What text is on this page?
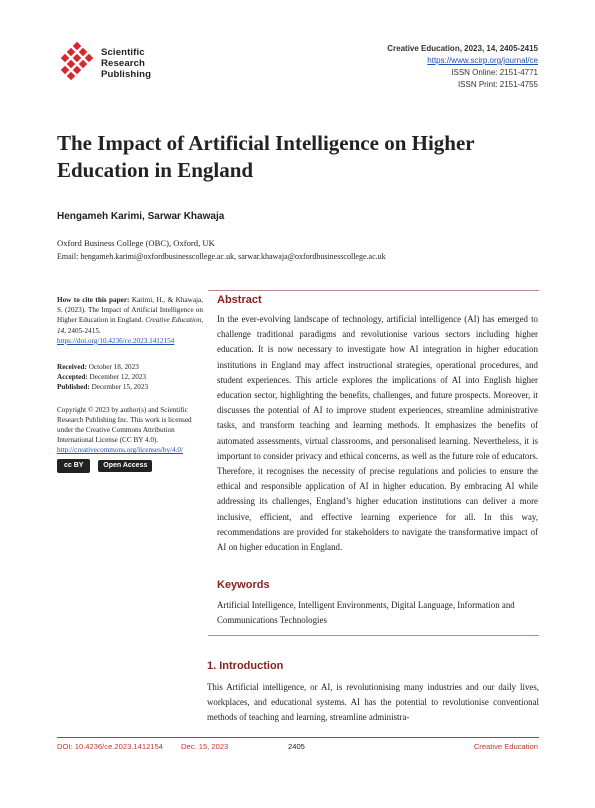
Scientific
Research
Publishing
Creative Education, 2023, 14, 2405-2415
https://www.scirp.org/journal/ce
ISSN Online: 2151-4771
ISSN Print: 2151-4755
The Impact of Artificial Intelligence on Higher
Education in England
Hengameh Karimi, Sarwar Khawaja
Oxford Business College (OBC), Oxford, UK
Email: hengameh.karimi@oxfordbusinesscollege.ac.uk, sarwar.khawaja@oxfordbusinesscollege.ac.uk
How to cite this paper: Karimi, H., & Khawaja, S. (2023). The Impact of Artificial Intelligence on Higher Education in England. Creative Education, 14, 2405-2415.
https://doi.org/10.4236/ce.2023.1412154
Received: October 18, 2023
Accepted: December 12, 2023
Published: December 15, 2023
Copyright © 2023 by author(s) and Scientific Research Publishing Inc. This work is licensed under the Creative Commons Attribution International License (CC BY 4.0).
http://creativecommons.org/licenses/by/4.0/
cc BY	Open Access
Abstract
In the ever-evolving landscape of technology, artificial intelligence (AI) has emerged to challenge traditional paradigms and revolutionise various sectors including higher education. It is now necessary to investigate how AI integration in higher education institutions in England may affect instructional strategies, operational procedures, and student experiences. This article explores the implications of AI into English higher education sector, highlighting the benefits, challenges, and future prospects. Moreover, it discusses the potential of AI to improve student experiences, streamline administrative tasks, and transform teaching and learning methods. It emphasizes the benefits of automated assessments, virtual classrooms, and personalised learning. Nevertheless, it is important to consider privacy and ethical concerns, as well as the future role of educators. Therefore, it recognises the necessity of precise regulations and policies to ensure the ethical and responsible application of AI in higher education. By embracing AI while addressing its challenges, England’s higher education institutions can deliver a more inclusive, efficient, and effective learning experience for all. In this way, recommendations are provided for stakeholders to navigate the transformative impact of AI on higher education in England.
Keywords
Artificial Intelligence, Intelligent Environments, Digital Language, Information and Communications Technologies
1. Introduction
This Artificial intelligence, or AI, is revolutionising many industries and our daily lives, workplaces, and educational systems. AI has the potential to revolutionise conventional methods of teaching and learning, streamline administra-
DOI: 10.4236/ce.2023.1412154 Dec. 15, 2023	2405	Creative Education
